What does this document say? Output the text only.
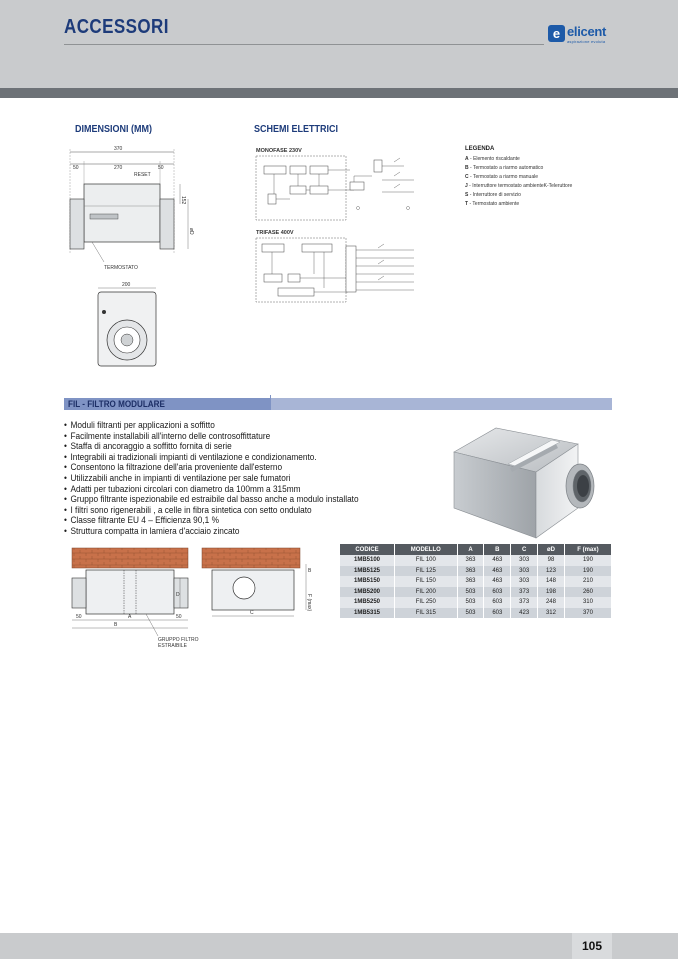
ACCESSORI	e elicent
aspirazione evoluta
DIMENSIONI (MM)	SCHEMI ELETTRICI
370
50	270	50
RESET
152
øD
TERMOSTATO
200
MONOFASE 230V
TRIFASE 400V
LEGENDA
A - Elemento riscaldante
B - Termostato a riarmo automatico
C - Termostato a riarmo manuale
J - Interruttore termostato ambienteK-Teleruttore
S - Interruttore di servizio
T - Termostato ambiente
FIL - FILTRO MODULARE
• Moduli filtranti per applicazioni a soffitto
• Facilmente installabili all'interno delle controsoffittature
• Staffa di ancoraggio a soffitto fornita di serie
• Integrabili ai tradizionali impianti di ventilazione e condizionamento.
• Consentono la filtrazione dell'aria proveniente dall'esterno
• Utilizzabili anche in impianti di ventilazione per sale fumatori
• Adatti per tubazioni circolari con diametro da 100mm a 315mm
• Gruppo filtrante ispezionabile ed estraibile dal basso anche a modulo installato
• I filtri sono rigenerabili , a celle in fibra sintetica con setto ondulato
• Classe filtrante EU 4 – Efficienza 90,1 %
• Struttura compatta in lamiera d'acciaio zincato
50	A	50
B
GRUPPO FILTRO
ESTRAIBILE
D
B
F (max)
C
CODICE	MODELLO	A	B	C	øD	F (max)
1MB5100	FIL 100	363	463	303	98	190
1MB5125	FIL 125	363	463	303	123	190
1MB5150	FIL 150	363	463	303	148	210
1MB5200	FIL 200	503	603	373	198	260
1MB5250	FIL 250	503	603	373	248	310
1MB5315	FIL 315	503	603	423	312	370
105
